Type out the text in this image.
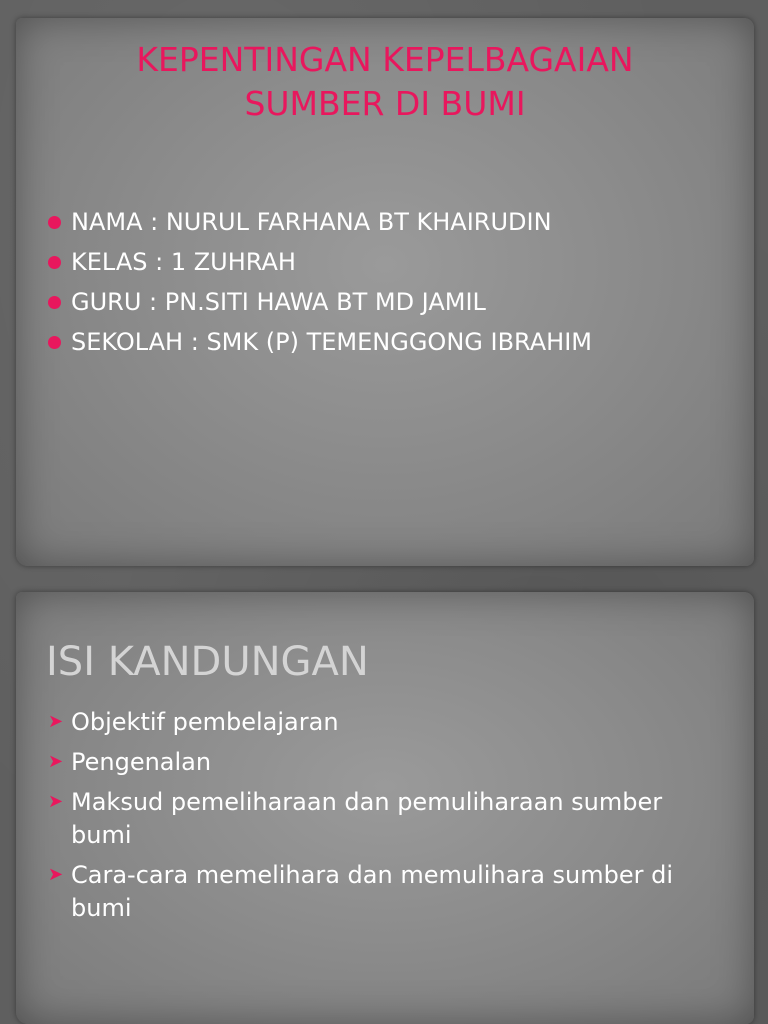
KEPENTINGAN KEPELBAGAIAN
SUMBER DI BUMI
NAMA : NURUL FARHANA BT KHAIRUDIN
KELAS : 1 ZUHRAH
GURU : PN.SITI HAWA BT MD JAMIL
SEKOLAH : SMK (P) TEMENGGONG IBRAHIM
ISI KANDUNGAN
➤ Objektif pembelajaran
➤ Pengenalan
➤ Maksud pemeliharaan dan pemuliharaan sumber bumi
➤ Cara-cara memelihara dan memulihara sumber di bumi
